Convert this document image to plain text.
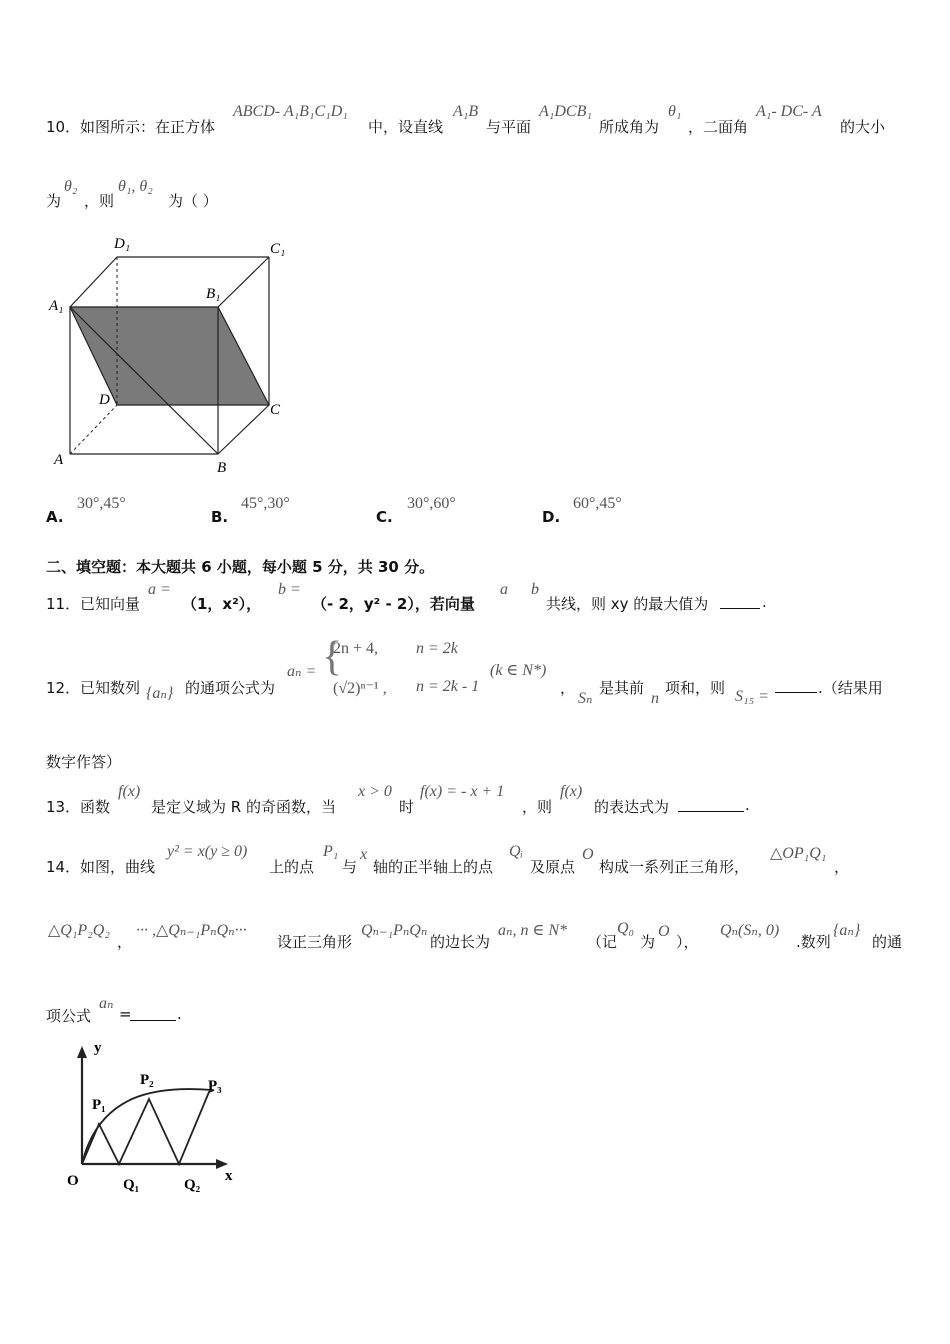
10． 如图所示：在正方体
ABCD- A₁B₁C₁D₁
中，设直线
A₁B
与平面
A₁DCB₁
所成角为
θ₁
，二面角
A₁- DC- A
的大小
为
θ₂
，则
θ₁, θ₂
为（ ）
D₁	C₁
A₁
B₁
D
C
A	B
A.
30°,45°
B.
45°,30°
C.
30°,60°
D.
60°,45°
二、填空题：本大题共 6 小题，每小题 5 分，共 30 分。
11． 已知向量
a =
（1，x²），
b =
（- 2，y² - 2），若向量
a b
共线，则 xy 的最大值为	.
12． 已知数列 {aₙ} 的通项公式为
aₙ = {
2n + 4, n = 2k
(√2)ⁿ⁻¹ , n = 2k - 1
(k ∈ N*)
，
Sₙ
是其前
n
项和，则 S₁₅ =	.（结果用
数字作答）
13． 函数
f(x)
是定义域为 R 的奇函数，当
x > 0
时
f(x) = - x + 1
，则
f(x)
的表达式为	.
14． 如图，曲线
y² = x(y ≥ 0)
上的点
P₁
与
x
轴的正半轴上的点
Qᵢ
及原点
O
构成一系列正三角形，
△OP₁Q₁
，
△Q₁P₂Q₂
，
··· ,△Qₙ₋₁PₙQₙ···
设正三角形
Qₙ₋₁PₙQₙ
的边长为
aₙ, n ∈ N*
（记
Q₀
为
O
），
Qₙ(Sₙ, 0)
.数列
{aₙ}
的通
项公式
aₙ
=	.
y
x
O
P₁
P₂	P₃
Q₁	Q₂
